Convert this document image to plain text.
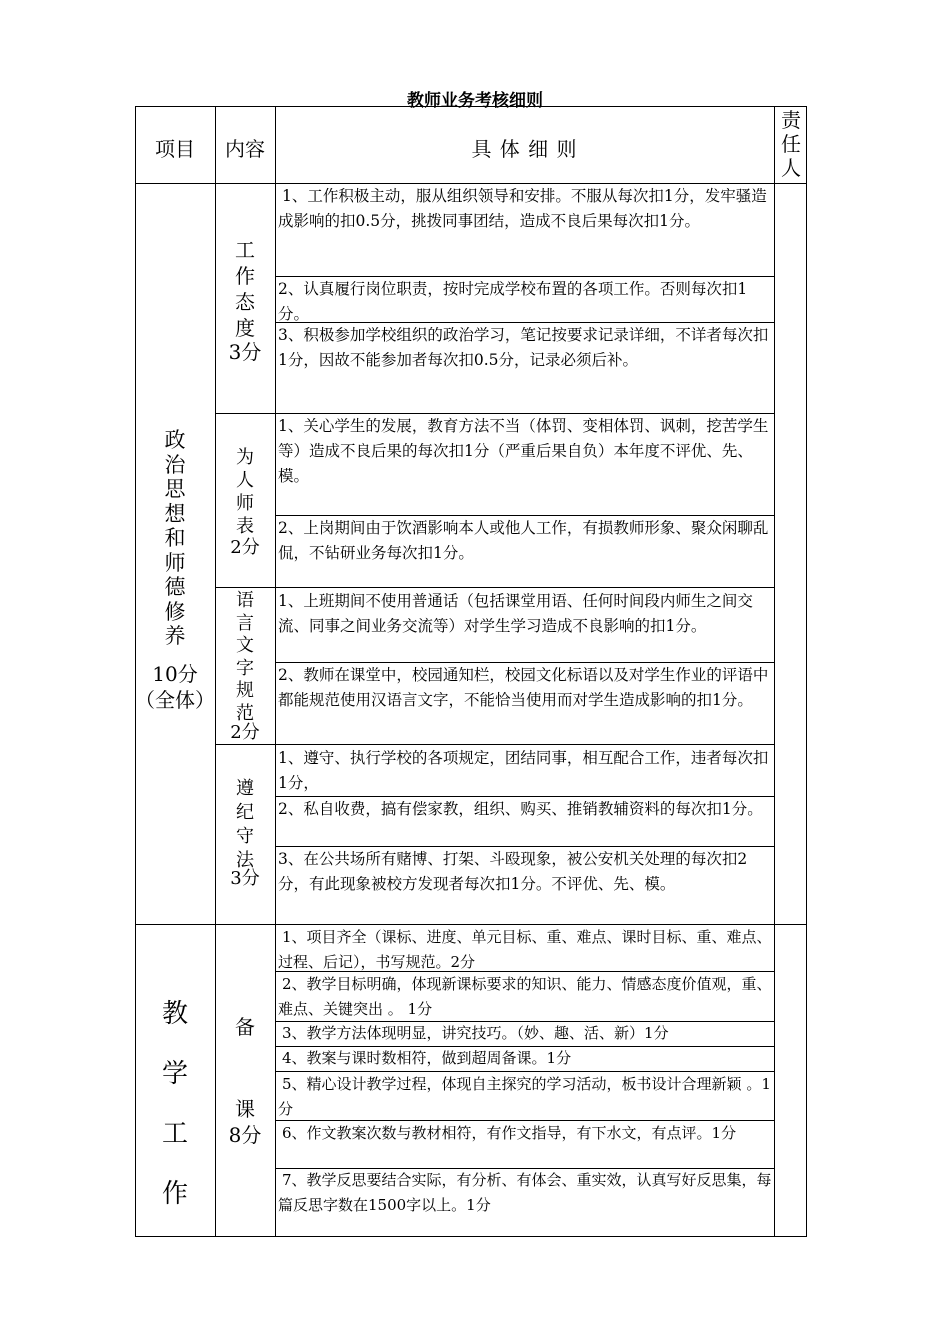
教师业务考核细则
项目	内容	具 体 细 则
责任人
政治思想和师德修养
10分
（全体）
工作态度
3分
1、工作积极主动，服从组织领导和安排。不服从每次扣1分，发牢骚造成影响的扣0.5分，挑拨同事团结，造成不良后果每次扣1分。
2、认真履行岗位职责，按时完成学校布置的各项工作。否则每次扣1分。
3、积极参加学校组织的政治学习，笔记按要求记录详细，不详者每次扣1分，因故不能参加者每次扣0.5分，记录必须后补。
为人师表
2分
1、关心学生的发展，教育方法不当（体罚、变相体罚、讽刺，挖苦学生等）造成不良后果的每次扣1分（严重后果自负）本年度不评优、先、模。
2、上岗期间由于饮酒影响本人或他人工作，有损教师形象、聚众闲聊乱侃，不钻研业务每次扣1分。
语言文字规范
2分
1、上班期间不使用普通话（包括课堂用语、任何时间段内师生之间交流、同事之间业务交流等）对学生学习造成不良影响的扣1分。
2、教师在课堂中，校园通知栏，校园文化标语以及对学生作业的评语中都能规范使用汉语言文字，不能恰当使用而对学生造成影响的扣1分。
遵纪守法
3分
1、遵守、执行学校的各项规定，团结同事，相互配合工作，违者每次扣1分，
2、私自收费，搞有偿家教，组织、购买、推销教辅资料的每次扣1分。
3、在公共场所有赌博、打架、斗殴现象，被公安机关处理的每次扣2分，有此现象被校方发现者每次扣1分。不评优、先、模。
教学工作
备
课
8分
1、项目齐全（课标、进度、单元目标、重、难点、课时目标、重、难点、过程、后记），书写规范。2分
2、教学目标明确，体现新课标要求的知识、能力、情感态度价值观，重、难点、关键突出 。 1分
3、教学方法体现明显，讲究技巧。（妙、趣、活、新）1分
4、教案与课时数相符，做到超周备课。1分
5、精心设计教学过程，体现自主探究的学习活动，板书设计合理新颖 。1分
6、作文教案次数与教材相符，有作文指导，有下水文，有点评。1分
7、教学反思要结合实际，有分析、有体会、重实效，认真写好反思集，每篇反思字数在1500字以上。1分
